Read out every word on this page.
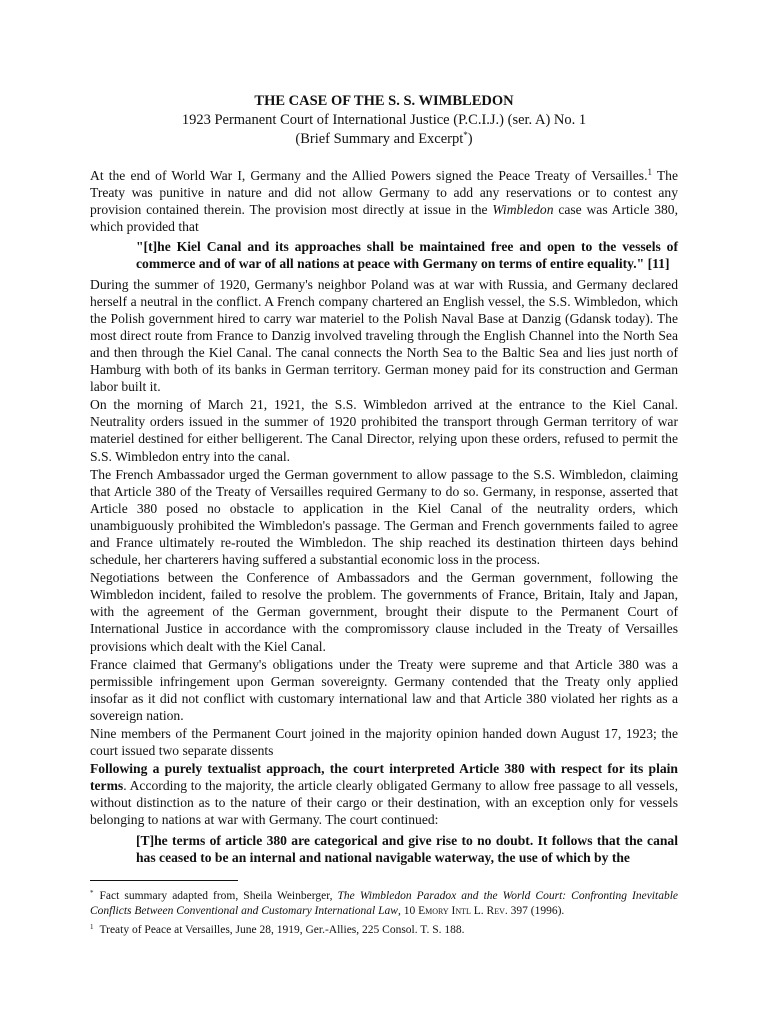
THE CASE OF THE S. S. WIMBLEDON

1923 Permanent Court of International Justice (P.C.I.J.) (ser. A) No. 1

(Brief Summary and Excerpt*)

At the end of World War I, Germany and the Allied Powers signed the Peace Treaty of Versailles.$^1$ The Treaty was punitive in nature and did not allow Germany to add any reservations or to contest any provision contained therein. The provision most directly at issue in the Wimbledon case was Article 380, which provided that

"[t]he Kiel Canal and its approaches shall be maintained free and open to the vessels of commerce and of war of all nations at peace with Germany on terms of entire equality." [11]

During the summer of 1920, Germany's neighbor Poland was at war with Russia, and Germany declared herself a neutral in the conflict. A French company chartered an English vessel, the S.S. Wimbledon, which the Polish government hired to carry war materiel to the Polish Naval Base at Danzig (Gdansk today). The most direct route from France to Danzig involved traveling through the English Channel into the North Sea and then through the Kiel Canal. The canal connects the North Sea to the Baltic Sea and lies just north of Hamburg with both of its banks in German territory. German money paid for its construction and German labor built it.

On the morning of March 21, 1921, the S.S. Wimbledon arrived at the entrance to the Kiel Canal. Neutrality orders issued in the summer of 1920 prohibited the transport through German territory of war materiel destined for either belligerent. The Canal Director, relying upon these orders, refused to permit the S.S. Wimbledon entry into the canal.

The French Ambassador urged the German government to allow passage to the S.S. Wimbledon, claiming that Article 380 of the Treaty of Versailles required Germany to do so. Germany, in response, asserted that Article 380 posed no obstacle to application in the Kiel Canal of the neutrality orders, which unambiguously prohibited the Wimbledon's passage. The German and French governments failed to agree and France ultimately re-routed the Wimbledon. The ship reached its destination thirteen days behind schedule, her charterers having suffered a substantial economic loss in the process.

Negotiations between the Conference of Ambassadors and the German government, following the Wimbledon incident, failed to resolve the problem. The governments of France, Britain, Italy and Japan, with the agreement of the German government, brought their dispute to the Permanent Court of International Justice in accordance with the compromissory clause included in the Treaty of Versailles provisions which dealt with the Kiel Canal.

France claimed that Germany's obligations under the Treaty were supreme and that Article 380 was a permissible infringement upon German sovereignty. Germany contended that the Treaty only applied insofar as it did not conflict with customary international law and that Article 380 violated her rights as a sovereign nation.

Nine members of the Permanent Court joined in the majority opinion handed down August 17, 1923; the court issued two separate dissents

Following a purely textualist approach, the court interpreted Article 380 with respect for its plain terms. According to the majority, the article clearly obligated Germany to allow free passage to all vessels, without distinction as to the nature of their cargo or their destination, with an exception only for vessels belonging to nations at war with Germany. The court continued:

[T]he terms of article 380 are categorical and give rise to no doubt. It follows that the canal has ceased to be an internal and national navigable waterway, the use of which by the

* Fact summary adapted from, Sheila Weinberger, The Wimbledon Paradox and the World Court: Confronting Inevitable Conflicts Between Conventional and Customary International Law, 10 Emory Intl L. Rev. 397 (1996).

$^1$ Treaty of Peace at Versailles, June 28, 1919, Ger.-Allies, 225 Consol. T. S. 188.
